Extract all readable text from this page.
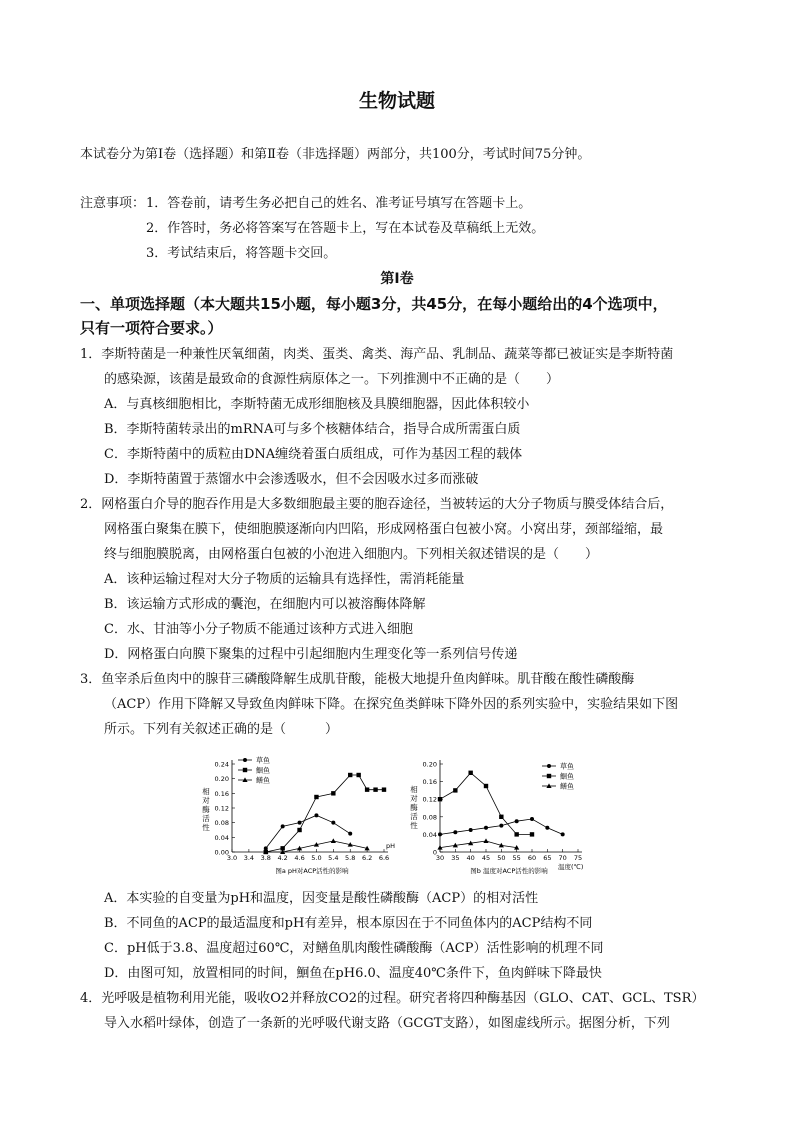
生物试题
本试卷分为第Ⅰ卷（选择题）和第Ⅱ卷（非选择题）两部分，共100分，考试时间75分钟。
注意事项： 1．答卷前，请考生务必把自己的姓名、准考证号填写在答题卡上。
2．作答时，务必将答案写在答题卡上，写在本试卷及草稿纸上无效。
3．考试结束后，将答题卡交回。
第Ⅰ卷
一、单项选择题（本大题共15小题，每小题3分，共45分，在每小题给出的4个选项中，
只有一项符合要求。）
1．李斯特菌是一种兼性厌氧细菌，肉类、蛋类、禽类、海产品、乳制品、蔬菜等都已被证实是李斯特菌
的感染源，该菌是最致命的食源性病原体之一。下列推测中不正确的是（　　）
A．与真核细胞相比，李斯特菌无成形细胞核及具膜细胞器，因此体积较小
B．李斯特菌转录出的mRNA可与多个核糖体结合，指导合成所需蛋白质
C．李斯特菌中的质粒由DNA缠绕着蛋白质组成，可作为基因工程的载体
D．李斯特菌置于蒸馏水中会渗透吸水，但不会因吸水过多而涨破
2．网格蛋白介导的胞吞作用是大多数细胞最主要的胞吞途径，当被转运的大分子物质与膜受体结合后，
网格蛋白聚集在膜下，使细胞膜逐渐向内凹陷，形成网格蛋白包被小窝。小窝出芽，颈部缢缩，最
终与细胞膜脱离，由网格蛋白包被的小泡进入细胞内。下列相关叙述错误的是（　　）
A．该种运输过程对大分子物质的运输具有选择性，需消耗能量
B．该运输方式形成的囊泡，在细胞内可以被溶酶体降解
C．水、甘油等小分子物质不能通过该种方式进入细胞
D．网格蛋白向膜下聚集的过程中引起细胞内生理变化等一系列信号传递
3．鱼宰杀后鱼肉中的腺苷三磷酸降解生成肌苷酸，能极大地提升鱼肉鲜味。肌苷酸在酸性磷酸酶
（ACP）作用下降解又导致鱼肉鲜味下降。在探究鱼类鲜味下降外因的系列实验中，实验结果如下图
所示。下列有关叙述正确的是（　　　）
0.00
0.04
0.08
0.12
0.16
0.20
0.24
3.0 3.4 3.8 4.2 4.6 5.0 5.4 5.8 6.2 6.6
pH
相
对
酶
活
性
图a pH对ACP活性的影响
草鱼
鮰鱼
鳝鱼
0
0.04
0.08
0.12
0.16
0.20
30 35 40 45 50 55 60 65 70 75
温度(℃)
相
对
酶
活
性
图b 温度对ACP活性的影响
草鱼
鮰鱼
鳝鱼
A．本实验的自变量为pH和温度，因变量是酸性磷酸酶（ACP）的相对活性
B．不同鱼的ACP的最适温度和pH有差异，根本原因在于不同鱼体内的ACP结构不同
C．pH低于3.8、温度超过60℃，对鳝鱼肌肉酸性磷酸酶（ACP）活性影响的机理不同
D．由图可知，放置相同的时间，鮰鱼在pH6.0、温度40℃条件下，鱼肉鲜味下降最快
4．光呼吸是植物利用光能，吸收O2并释放CO2的过程。研究者将四种酶基因（GLO、CAT、GCL、TSR）
导入水稻叶绿体，创造了一条新的光呼吸代谢支路（GCGT支路），如图虚线所示。据图分析，下列
